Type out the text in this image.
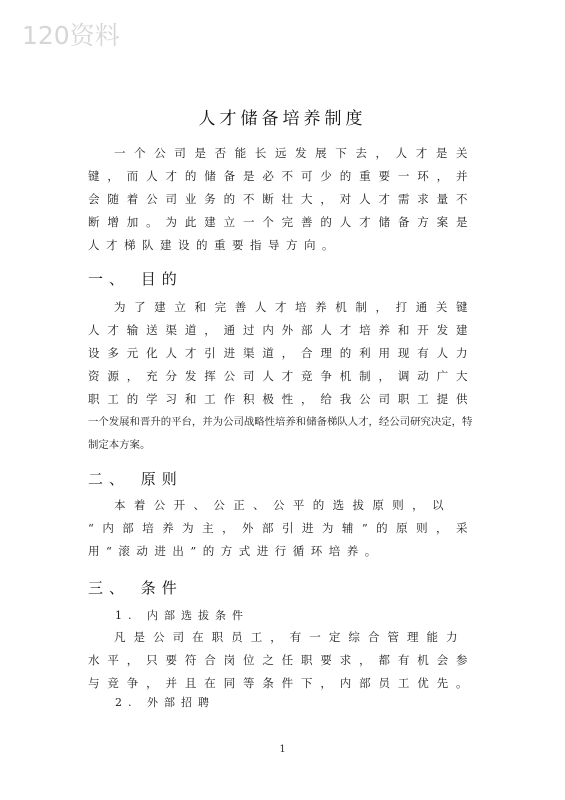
120资料
人才储备培养制度
一个公司是否能长远发展下去，人才是关
键，而人才的储备是必不可少的重要一环，并
会随着公司业务的不断壮大，对人才需求量不
断增加。为此建立一个完善的人才储备方案是
人才梯队建设的重要指导方向。
一、 目的
为了建立和完善人才培养机制，打通关键
人才输送渠道，通过内外部人才培养和开发建
设多元化人才引进渠道，合理的利用现有人力
资源，充分发挥公司人才竞争机制，调动广大
职工的学习和工作积极性，给我公司职工提供
一个发展和晋升的平台，并为公司战略性培养和储备梯队人才，经公司研究决定，特
制定本方案。
二、 原则
本着公开、公正、公平的选拔原则，以
“内部培养为主，外部引进为辅”的原则，采
用“滚动进出”的方式进行循环培养。
三、 条件
1. 内部选拔条件
凡是公司在职员工，有一定综合管理能力
水平，只要符合岗位之任职要求，都有机会参
与竞争，并且在同等条件下，内部员工优先。
2. 外部招聘
1
